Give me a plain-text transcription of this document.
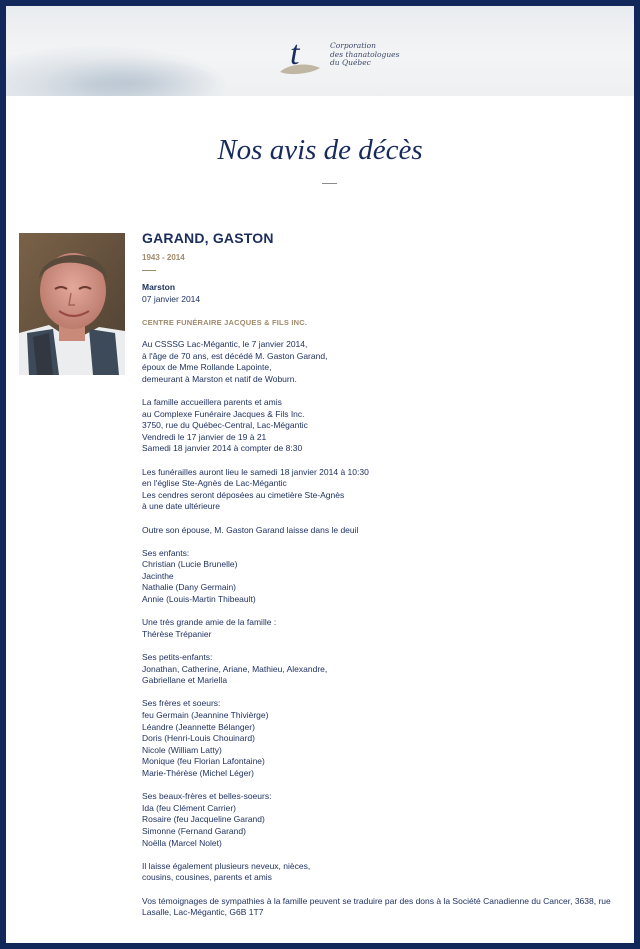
t	Corporation
des thanatologues
du Québec
Nos avis de décès
GARAND, GASTON
1943 - 2014
Marston
07 janvier 2014
CENTRE FUNÉRAIRE JACQUES & FILS INC.
Au CSSSG Lac-Mégantic, le 7 janvier 2014,
à l'âge de 70 ans, est décédé M. Gaston Garand,
époux de Mme Rollande Lapointe,
demeurant à Marston et natif de Woburn.
La famille accueillera parents et amis
au Complexe Funéraire Jacques & Fils Inc.
3750, rue du Québec-Central, Lac-Mégantic
Vendredi le 17 janvier de 19 à 21
Samedi 18 janvier 2014 à compter de 8:30
Les funérailles auront lieu le samedi 18 janvier 2014 à 10:30
en l'église Ste-Agnès de Lac-Mégantic
Les cendres seront déposées au cimetière Ste-Agnès
à une date ultérieure
Outre son épouse, M. Gaston Garand laisse dans le deuil
Ses enfants:
Christian (Lucie Brunelle)
Jacinthe
Nathalie (Dany Germain)
Annie (Louis-Martin Thibeault)
Une très grande amie de la famille :
Thérèse Trépanier
Ses petits-enfants:
Jonathan, Catherine, Ariane, Mathieu, Alexandre,
Gabriellane et Mariella
Ses frères et soeurs:
feu Germain (Jeannine Thivièrge)
Léandre (Jeannette Bélanger)
Doris (Henri-Louis Chouinard)
Nicole (William Latty)
Monique (feu Florian Lafontaine)
Marie-Thérèse (Michel Léger)
Ses beaux-frères et belles-soeurs:
Ida (feu Clément Carrier)
Rosaire (feu Jacqueline Garand)
Simonne (Fernand Garand)
Noëlla (Marcel Nolet)
Il laisse également plusieurs neveux, nièces,
cousins, cousines, parents et amis
Vos témoignages de sympathies à la famille peuvent se traduire par des dons à la Société Canadienne du Cancer, 3638, rue Lasalle, Lac-Mégantic, G6B 1T7
